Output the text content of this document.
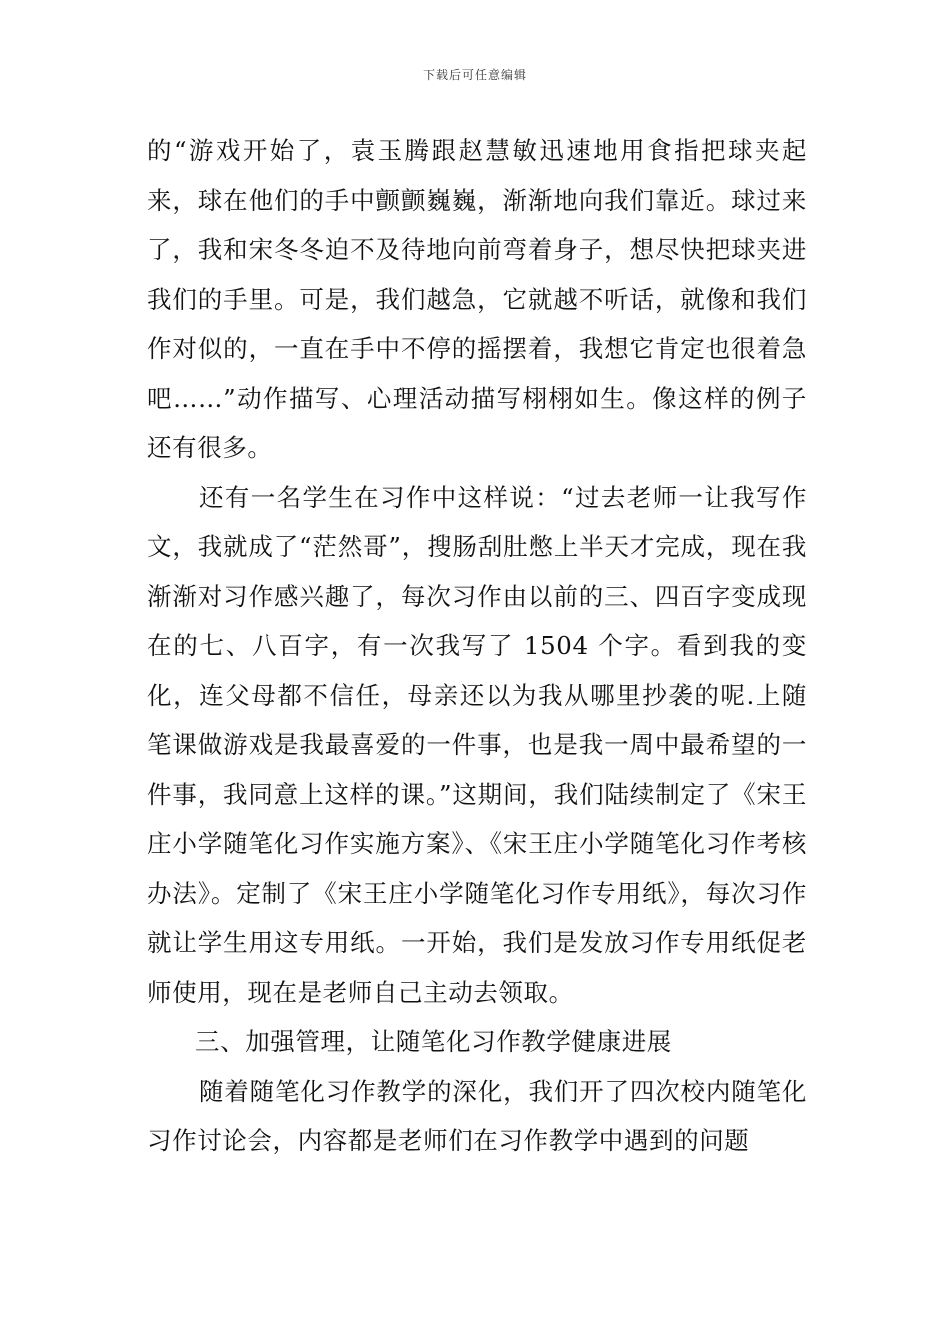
下载后可任意编辑

的“游戏开始了，袁玉腾跟赵慧敏迅速地用食指把球夹起来，球在他们的手中颤颤巍巍，渐渐地向我们靠近。球过来了，我和宋冬冬迫不及待地向前弯着身子，想尽快把球夹进我们的手里。可是，我们越急，它就越不听话，就像和我们作对似的，一直在手中不停的摇摆着，我想它肯定也很着急吧……”动作描写、心理活动描写栩栩如生。像这样的例子还有很多。

还有一名学生在习作中这样说：“过去老师一让我写作文，我就成了“茫然哥”，搜肠刮肚憋上半天才完成，现在我渐渐对习作感兴趣了，每次习作由以前的三、四百字变成现在的七、八百字，有一次我写了 1504 个字。看到我的变化，连父母都不信任，母亲还以为我从哪里抄袭的呢.上随笔课做游戏是我最喜爱的一件事，也是我一周中最希望的一件事，我同意上这样的课。”这期间，我们陆续制定了《宋王庄小学随笔化习作实施方案》、《宋王庄小学随笔化习作考核办法》。定制了《宋王庄小学随笔化习作专用纸》，每次习作就让学生用这专用纸。一开始，我们是发放习作专用纸促老师使用，现在是老师自己主动去领取。

三、加强管理，让随笔化习作教学健康进展

随着随笔化习作教学的深化，我们开了四次校内随笔化习作讨论会，内容都是老师们在习作教学中遇到的问题
